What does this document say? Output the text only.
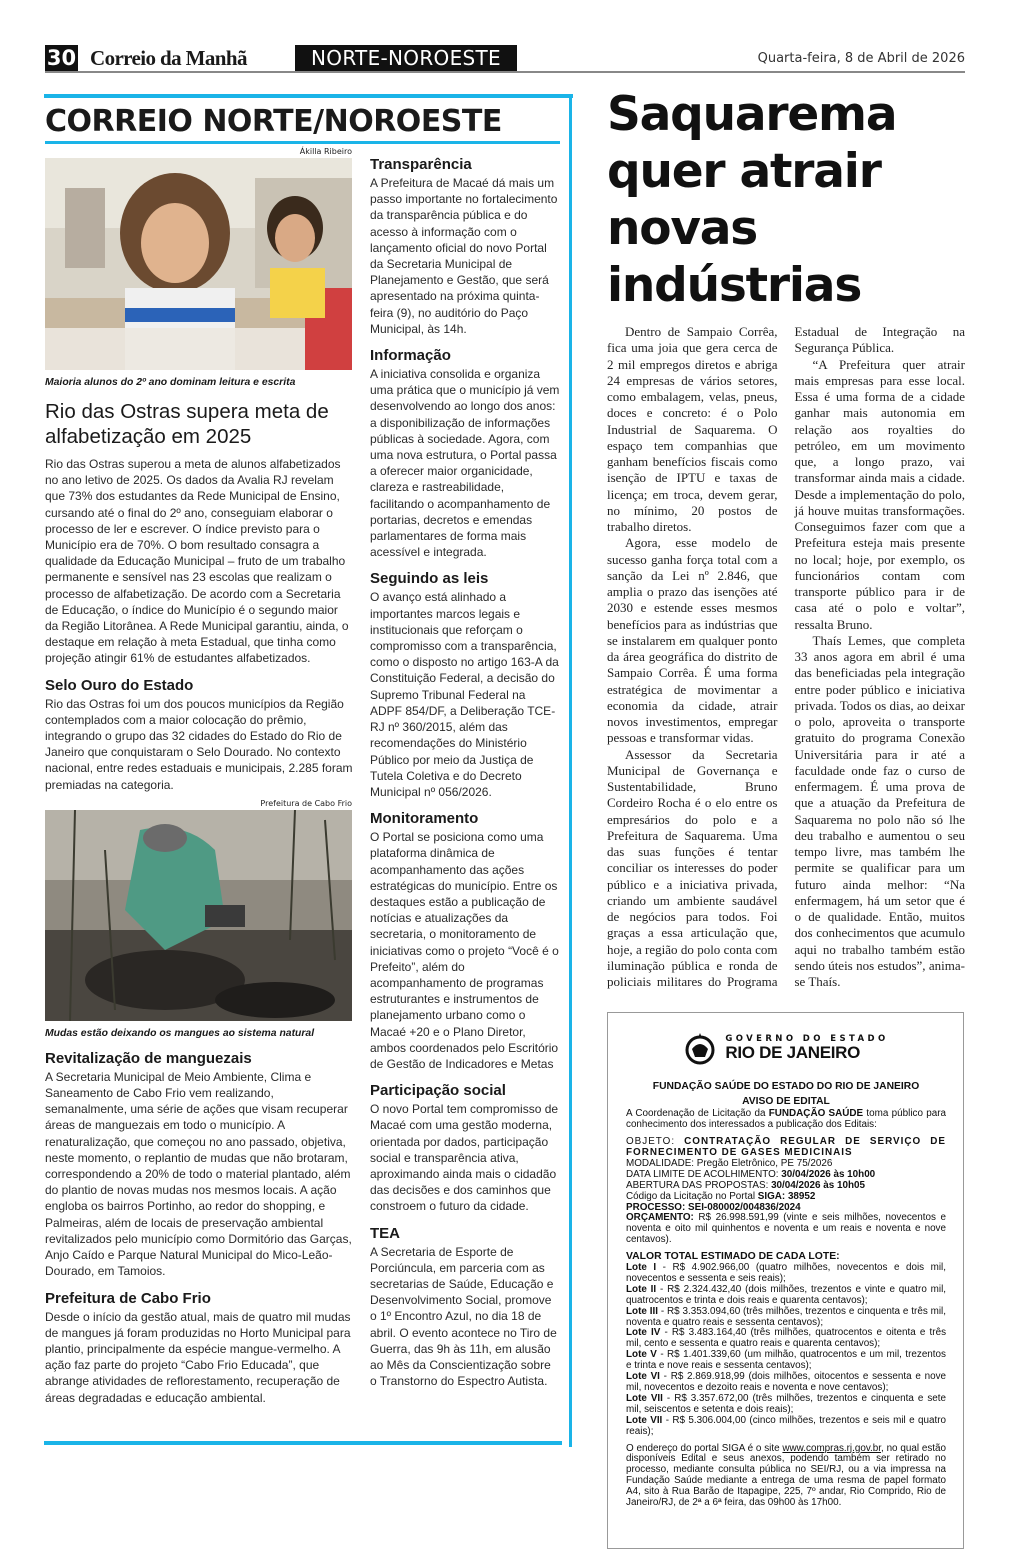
30 Correio da Manhã	NORTE-NOROESTE	Quarta-feira, 8 de Abril de 2026
CORREIO NORTE/NOROESTE
Ákilla Ribeiro
Maioria alunos do 2º ano dominam leitura e escrita
Rio das Ostras supera meta de alfabetização em 2025
Rio das Ostras superou a meta de alunos alfabetizados no ano letivo de 2025. Os dados da Avalia RJ revelam que 73% dos estudantes da Rede Municipal de Ensino, cursando até o final do 2º ano, conseguiam elaborar o processo de ler e escrever. O índice previsto para o Município era de 70%. O bom resultado consagra a qualidade da Educação Municipal – fruto de um trabalho permanente e sensível nas 23 escolas que realizam o processo de alfabetização. De acordo com a Secretaria de Educação, o índice do Município é o segundo maior da Região Litorânea. A Rede Municipal garantiu, ainda, o destaque em relação à meta Estadual, que tinha como projeção atingir 61% de estudantes alfabetizados.
Selo Ouro do Estado
Rio das Ostras foi um dos poucos municípios da Região contemplados com a maior colocação do prêmio, integrando o grupo das 32 cidades do Estado do Rio de Janeiro que conquistaram o Selo Dourado. No contexto nacional, entre redes estaduais e municipais, 2.285 foram premiadas na categoria.
Prefeitura de Cabo Frio
Mudas estão deixando os mangues ao sistema natural
Revitalização de manguezais
A Secretaria Municipal de Meio Ambiente, Clima e Saneamento de Cabo Frio vem realizando, semanalmente, uma série de ações que visam recuperar áreas de manguezais em todo o município. A renaturalização, que começou no ano passado, objetiva, neste momento, o replantio de mudas que não brotaram, correspondendo a 20% de todo o material plantado, além do plantio de novas mudas nos mesmos locais. A ação engloba os bairros Portinho, ao redor do shopping, e Palmeiras, além de locais de preservação ambiental revitalizados pelo município como Dormitório das Garças, Anjo Caído e Parque Natural Municipal do Mico-Leão-Dourado, em Tamoios.
Prefeitura de Cabo Frio
Desde o início da gestão atual, mais de quatro mil mudas de mangues já foram produzidas no Horto Municipal para plantio, principalmente da espécie mangue-vermelho. A ação faz parte do projeto “Cabo Frio Educada”, que abrange atividades de reflorestamento, recuperação de áreas degradadas e educação ambiental.
Transparência
A Prefeitura de Macaé dá mais um passo importante no fortalecimento da transparência pública e do acesso à informação com o lançamento oficial do novo Portal da Secretaria Municipal de Planejamento e Gestão, que será apresentado na próxima quinta-feira (9), no auditório do Paço Municipal, às 14h.
Informação
A iniciativa consolida e organiza uma prática que o município já vem desenvolvendo ao longo dos anos: a disponibilização de informações públicas à sociedade. Agora, com uma nova estrutura, o Portal passa a oferecer maior organicidade, clareza e rastreabilidade, facilitando o acompanhamento de portarias, decretos e emendas parlamentares de forma mais acessível e integrada.
Seguindo as leis
O avanço está alinhado a importantes marcos legais e institucionais que reforçam o compromisso com a transparência, como o disposto no artigo 163-A da Constituição Federal, a decisão do Supremo Tribunal Federal na ADPF 854/DF, a Deliberação TCE-RJ nº 360/2015, além das recomendações do Ministério Público por meio da Justiça de Tutela Coletiva e do Decreto Municipal nº 056/2026.
Monitoramento
O Portal se posiciona como uma plataforma dinâmica de acompanhamento das ações estratégicas do município. Entre os destaques estão a publicação de notícias e atualizações da secretaria, o monitoramento de iniciativas como o projeto “Você é o Prefeito”, além do acompanhamento de programas estruturantes e instrumentos de planejamento urbano como o Macaé +20 e o Plano Diretor, ambos coordenados pelo Escritório de Gestão de Indicadores e Metas
Participação social
O novo Portal tem compromisso de Macaé com uma gestão moderna, orientada por dados, participação social e transparência ativa, aproximando ainda mais o cidadão das decisões e dos caminhos que constroem o futuro da cidade.
TEA
A Secretaria de Esporte de Porciúncula, em parceria com as secretarias de Saúde, Educação e Desenvolvimento Social, promove o 1º Encontro Azul, no dia 18 de abril. O evento acontece no Tiro de Guerra, das 9h às 11h, em alusão ao Mês da Conscientização sobre o Transtorno do Espectro Autista.
Saquarema quer atrair novas indústrias

Dentro de Sampaio Corrêa, fica uma joia que gera cerca de 2 mil empregos diretos e abriga 24 empresas de vários setores, como embalagem, velas, pneus, doces e concreto: é o Polo Industrial de Saquarema. O espaço tem companhias que ganham benefícios fiscais como isenção de IPTU e taxas de licença; em troca, devem gerar, no mínimo, 20 postos de trabalho diretos.

Agora, esse modelo de sucesso ganha força total com a sanção da Lei nº 2.846, que amplia o prazo das isenções até 2030 e estende esses mesmos benefícios para as indústrias que se instalarem em qualquer ponto da área geográfica do distrito de Sampaio Corrêa. É uma forma estratégica de movimentar a economia da cidade, atrair novos investimentos, empregar pessoas e transformar vidas.

Assessor da Secretaria Municipal de Governança e Sustentabilidade, Bruno Cordeiro Rocha é o elo entre os empresários do polo e a Prefeitura de Saquarema. Uma das suas funções é tentar conciliar os interesses do poder público e a iniciativa privada, criando um ambiente saudável de negócios para todos. Foi graças a essa articulação que, hoje, a região do polo conta com iluminação pública e ronda de policiais militares do Programa Estadual de Integração na Segurança Pública.

“A Prefeitura quer atrair mais empresas para esse local. Essa é uma forma de a cidade ganhar mais autonomia em relação aos royalties do petróleo, em um movimento que, a longo prazo, vai transformar ainda mais a cidade. Desde a implementação do polo, já houve muitas transformações. Conseguimos fazer com que a Prefeitura esteja mais presente no local; hoje, por exemplo, os funcionários contam com transporte público para ir de casa até o polo e voltar”, ressalta Bruno.

Thaís Lemes, que completa 33 anos agora em abril é uma das beneficiadas pela integração entre poder público e iniciativa privada. Todos os dias, ao deixar o polo, aproveita o transporte gratuito do programa Conexão Universitária para ir até a faculdade onde faz o curso de enfermagem. É uma prova de que a atuação da Prefeitura de Saquarema no polo não só lhe deu trabalho e aumentou o seu tempo livre, mas também lhe permite se qualificar para um futuro ainda melhor: “Na enfermagem, há um setor que é o de qualidade. Então, muitos dos conhecimentos que acumulo aqui no trabalho também estão sendo úteis nos estudos”, anima-se Thaís.

GOVERNO DO ESTADO
RIO DE JANEIRO
FUNDAÇÃO SAÚDE DO ESTADO DO RIO DE JANEIRO
AVISO DE EDITAL
A Coordenação de Licitação da FUNDAÇÃO SAÚDE toma público para conhecimento dos interessados a publicação dos Editais:
OBJETO: CONTRATAÇÃO REGULAR DE SERVIÇO DE FORNECIMENTO DE GASES MEDICINAIS
MODALIDADE: Pregão Eletrônico, PE 75/2026
DATA LIMITE DE ACOLHIMENTO: 30/04/2026 às 10h00
ABERTURA DAS PROPOSTAS: 30/04/2026 às 10h05
Código da Licitação no Portal SIGA: 38952
PROCESSO: SEI-080002/004836/2024
ORÇAMENTO: R$ 26.998.591,99 (vinte e seis milhões, novecentos e noventa e oito mil quinhentos e noventa e um reais e noventa e nove centavos).
VALOR TOTAL ESTIMADO DE CADA LOTE:
Lote I - R$ 4.902.966,00 (quatro milhões, novecentos e dois mil, novecentos e sessenta e seis reais);
Lote II - R$ 2.324.432,40 (dois milhões, trezentos e vinte e quatro mil, quatrocentos e trinta e dois reais e quarenta centavos);
Lote III - R$ 3.353.094,60 (três milhões, trezentos e cinquenta e três mil, noventa e quatro reais e sessenta centavos);
Lote IV - R$ 3.483.164,40 (três milhões, quatrocentos e oitenta e três mil, cento e sessenta e quatro reais e quarenta centavos);
Lote V - R$ 1.401.339,60 (um milhão, quatrocentos e um mil, trezentos e trinta e nove reais e sessenta centavos);
Lote VI - R$ 2.869.918,99 (dois milhões, oitocentos e sessenta e nove mil, novecentos e dezoito reais e noventa e nove centavos);
Lote VII - R$ 3.357.672,00 (três milhões, trezentos e cinquenta e sete mil, seiscentos e setenta e dois reais);
Lote VII - R$ 5.306.004,00 (cinco milhões, trezentos e seis mil e quatro reais);
O endereço do portal SIGA é o site www.compras.rj.gov.br, no qual estão disponíveis Edital e seus anexos, podendo também ser retirado no processo, mediante consulta pública no SEI/RJ, ou a via impressa na Fundação Saúde mediante a entrega de uma resma de papel formato A4, sito à Rua Barão de Itapagipe, 225, 7º andar, Rio Comprido, Rio de Janeiro/RJ, de 2ª a 6ª feira, das 09h00 às 17h00.
